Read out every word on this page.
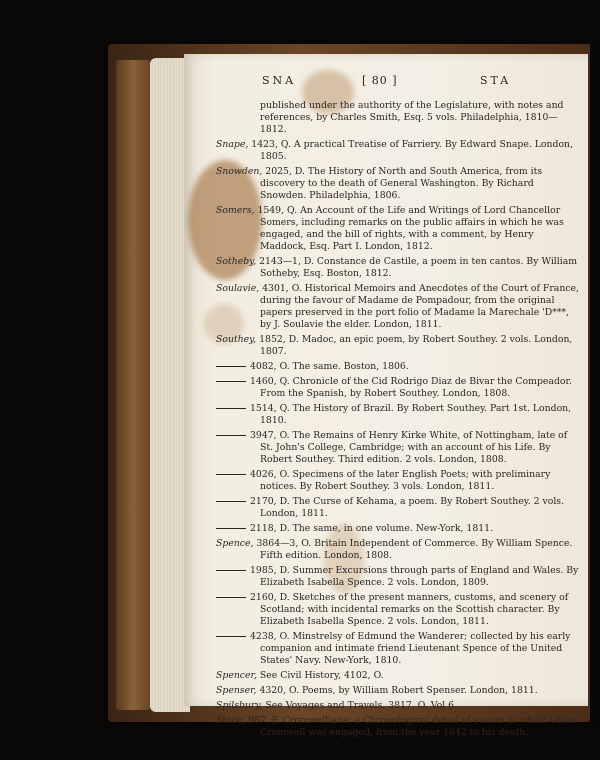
SNA	[ 80 ]	STA
published under the authority of the Legislature, with notes and references, by Charles Smith, Esq. 5 vols. Philadelphia, 1810—1812.
Snape, 1423, Q. A practical Treatise of Farriery. By Edward Snape. London, 1805.
Snowden, 2025, D. The History of North and South America, from its discovery to the death of General Washington. By Richard Snowden. Philadelphia, 1806.
Somers, 1549, Q. An Account of the Life and Writings of Lord Chancellor Somers, including remarks on the public affairs in which he was engaged, and the bill of rights, with a comment, by Henry Maddock, Esq. Part I. London, 1812.
Sotheby, 2143—1, D. Constance de Castile, a poem in ten cantos. By William Sotheby, Esq. Boston, 1812.
Soulavie, 4301, O. Historical Memoirs and Anecdotes of the Court of France, during the favour of Madame de Pompadour, from the original papers preserved in the port folio of Madame la Marechale 'D***, by J. Soulavie the elder. London, 1811.
Southey, 1852, D. Madoc, an epic poem, by Robert Southey. 2 vols. London, 1807.
4082, O. The same. Boston, 1806.
1460, Q. Chronicle of the Cid Rodrigo Diaz de Bivar the Compeador. From the Spanish, by Robert Southey. London, 1808.
1514, Q. The History of Brazil. By Robert Southey. Part 1st. London, 1810.
3947, O. The Remains of Henry Kirke White, of Nottingham, late of St. John's College, Cambridge; with an account of his Life. By Robert Southey. Third edition. 2 vols. London, 1808.
4026, O. Specimens of the later English Poets; with preliminary notices. By Robert Southey. 3 vols. London, 1811.
2170, D. The Curse of Kehama, a poem. By Robert Southey. 2 vols. London, 1811.
2118, D. The same, in one volume. New-York, 1811.
Spence, 3864—3, O. Britain Independent of Commerce. By William Spence. Fifth edition. London, 1808.
1985, D. Summer Excursions through parts of England and Wales. By Elizabeth Isabella Spence. 2 vols. London, 1809.
2160, D. Sketches of the present manners, customs, and scenery of Scotland; with incidental remarks on the Scottish character. By Elizabeth Isabella Spence. 2 vols. London, 1811.
4238, O. Minstrelsy of Edmund the Wanderer; collected by his early companion and intimate friend Lieutenant Spence of the United States' Navy. New-York, 1810.
Spencer, See Civil History, 4102, O.
Spenser, 4320, O. Poems, by William Robert Spenser. London, 1811.
Spilsbury, See Voyages and Travels, 3817, O. Vol 6.
Stace, 987, F. Cromwelliana; a Chronological detail of events in which Oliver Cromwell was engaged, from the year 1642 to his death,
